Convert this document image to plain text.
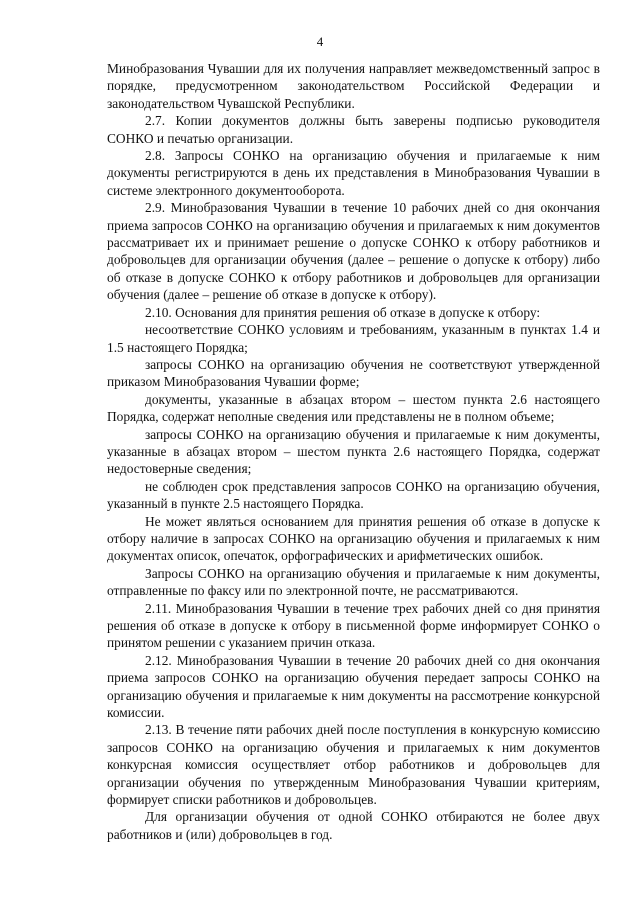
4

Минобразования Чувашии для их получения направляет межведомственный запрос в порядке, предусмотренном законодательством Российской Федерации и законодательством Чувашской Республики.

2.7. Копии документов должны быть заверены подписью руководителя СОНКО и печатью организации.

2.8. Запросы СОНКО на организацию обучения и прилагаемые к ним документы регистрируются в день их представления в Минобразования Чувашии в системе электронного документооборота.

2.9. Минобразования Чувашии в течение 10 рабочих дней со дня окончания приема запросов СОНКО на организацию обучения и прилагаемых к ним документов рассматривает их и принимает решение о допуске СОНКО к отбору работников и добровольцев для организации обучения (далее – решение о допуске к отбору) либо об отказе в допуске СОНКО к отбору работников и добровольцев для организации обучения (далее – решение об отказе в допуске к отбору).

2.10. Основания для принятия решения об отказе в допуске к отбору:

несоответствие СОНКО условиям и требованиям, указанным в пунктах 1.4 и 1.5 настоящего Порядка;

запросы СОНКО на организацию обучения не соответствуют утвержденной приказом Минобразования Чувашии форме;

документы, указанные в абзацах втором – шестом пункта 2.6 настоящего Порядка, содержат неполные сведения или представлены не в полном объеме;

запросы СОНКО на организацию обучения и прилагаемые к ним документы, указанные в абзацах втором – шестом пункта 2.6 настоящего Порядка, содержат недостоверные сведения;

не соблюден срок представления запросов СОНКО на организацию обучения, указанный в пункте 2.5 настоящего Порядка.

Не может являться основанием для принятия решения об отказе в допуске к отбору наличие в запросах СОНКО на организацию обучения и прилагаемых к ним документах описок, опечаток, орфографических и арифметических ошибок.

Запросы СОНКО на организацию обучения и прилагаемые к ним документы, отправленные по факсу или по электронной почте, не рассматриваются.

2.11. Минобразования Чувашии в течение трех рабочих дней со дня принятия решения об отказе в допуске к отбору в письменной форме информирует СОНКО о принятом решении с указанием причин отказа.

2.12. Минобразования Чувашии в течение 20 рабочих дней со дня окончания приема запросов СОНКО на организацию обучения передает запросы СОНКО на организацию обучения и прилагаемые к ним документы на рассмотрение конкурсной комиссии.

2.13. В течение пяти рабочих дней после поступления в конкурсную комиссию запросов СОНКО на организацию обучения и прилагаемых к ним документов конкурсная комиссия осуществляет отбор работников и добровольцев для организации обучения по утвержденным Минобразования Чувашии критериям, формирует списки работников и добровольцев.

Для организации обучения от одной СОНКО отбираются не более двух работников и (или) добровольцев в год.
